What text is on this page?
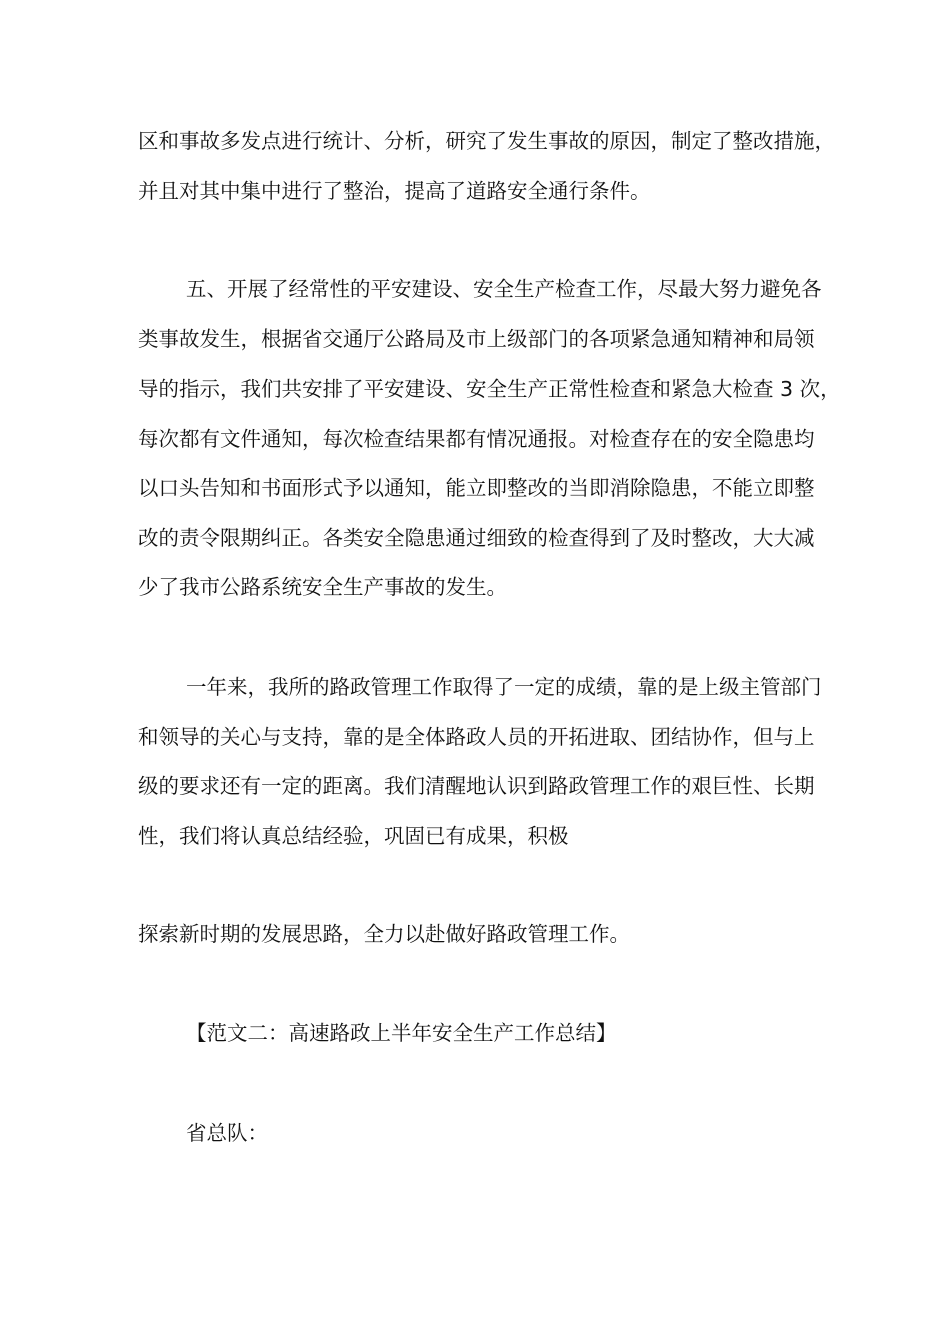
区和事故多发点进行统计、分析，研究了发生事故的原因，制定了整改措施，

并且对其中集中进行了整治，提高了道路安全通行条件。

五、开展了经常性的平安建设、安全生产检查工作，尽最大努力避免各

类事故发生，根据省交通厅公路局及市上级部门的各项紧急通知精神和局领

导的指示，我们共安排了平安建设、安全生产正常性检查和紧急大检查 3 次，

每次都有文件通知，每次检查结果都有情况通报。对检查存在的安全隐患均

以口头告知和书面形式予以通知，能立即整改的当即消除隐患，不能立即整

改的责令限期纠正。各类安全隐患通过细致的检查得到了及时整改，大大减

少了我市公路系统安全生产事故的发生。

一年来，我所的路政管理工作取得了一定的成绩，靠的是上级主管部门

和领导的关心与支持，靠的是全体路政人员的开拓进取、团结协作，但与上

级的要求还有一定的距离。我们清醒地认识到路政管理工作的艰巨性、长期

性，我们将认真总结经验，巩固已有成果，积极

探索新时期的发展思路，全力以赴做好路政管理工作。

【范文二：高速路政上半年安全生产工作总结】

省总队：
